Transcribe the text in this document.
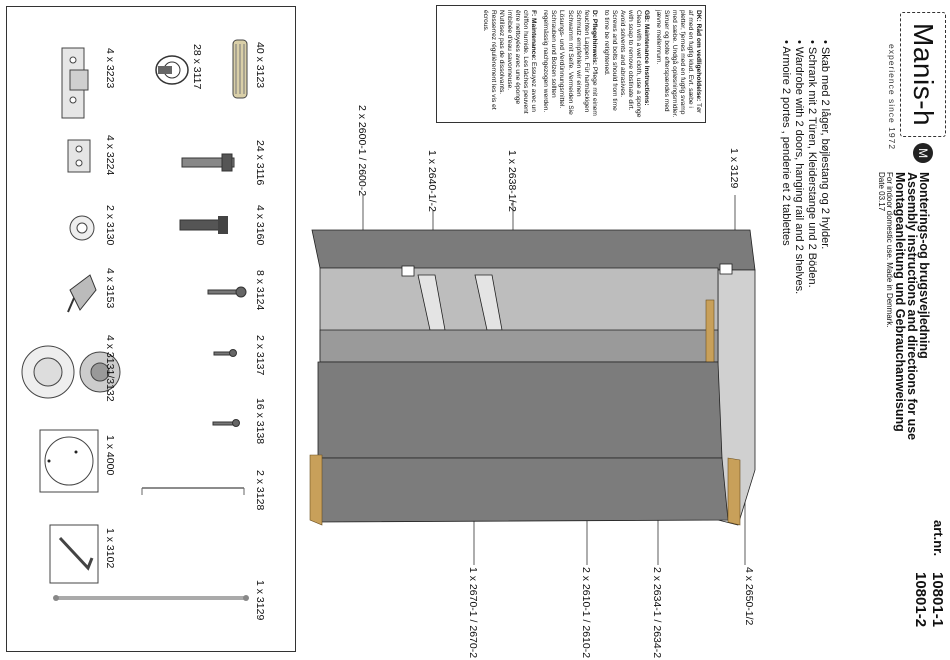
Manis-h
M
experience since 1972
Monterings-og brugsvejledning
Assembly instructions and directions for use
Montageanleitung und Gebrauchanweisung
For indoor domestic use. Made in Denmark.
Date 03.17
art.nr.
10801-1
10801-2
• Skab med 2 låger, bøjlestang og 2 hylder.
• Schrank mit 2 Türen, Kleiderstange und 2 Böden.
• Wardrobe with 2 doors, hanging rail and 2 shelves.
• Armoire 2 portes , penderie et 2 tablettes

DK: Råd om vedligeholdelse: Tør af med en fugtig klud. Evt. sæbe i pletter, fjernes med en fugtig svamp med sæbe. Undgå opløsningsmidler. Skruer og bolte efterspændes med jævne mellemrum.

GB: Maintenance Instructions: Clean with a wet cloth, use a sponge with soap to remove obstinate dirt. Avoid solvents and abrasives. Screws and bolts should from time to time be retightened.

D: Pflegehinweis: Pflege mit einem feuchten Lappen. Für hartnäckigen Schmutz empfehlen wir einen Schwamm mit Seife. Vermeiden Sie Lösungs- und Verdünnungsmittel. Schrauben und Bolzen sollten regelmässig nachgezogen werden.

F: Maintenance: Essuyez avec un chiffon humide. Les tâches peuvent être nettoyées avec une éponge imbibée d'eau savonneuse. N'utilisez pas de dissolvants. Resserrez régulièrement les vis et écrous.

1 x 3129
2 x 2600-1 / 2600-2	1 x 2640-1/-2	1 x 2638-1/-2
4 x 2650-1/2
2 x 2634-1 / 2634-2
2 x 2610-1 / 2610-2
1 x 2670-1 / 2670-2
40 x 3123
28 x 3117
4 x 3223
24 x 3116
4 x 3224
4 x 3160
2 x 3130
8 x 3124
4 x 3153
2 x 3137
4 x 3131/3132
16 x 3138
1 x 4000
2 x 3128
1 x 3102
1 x 3129
